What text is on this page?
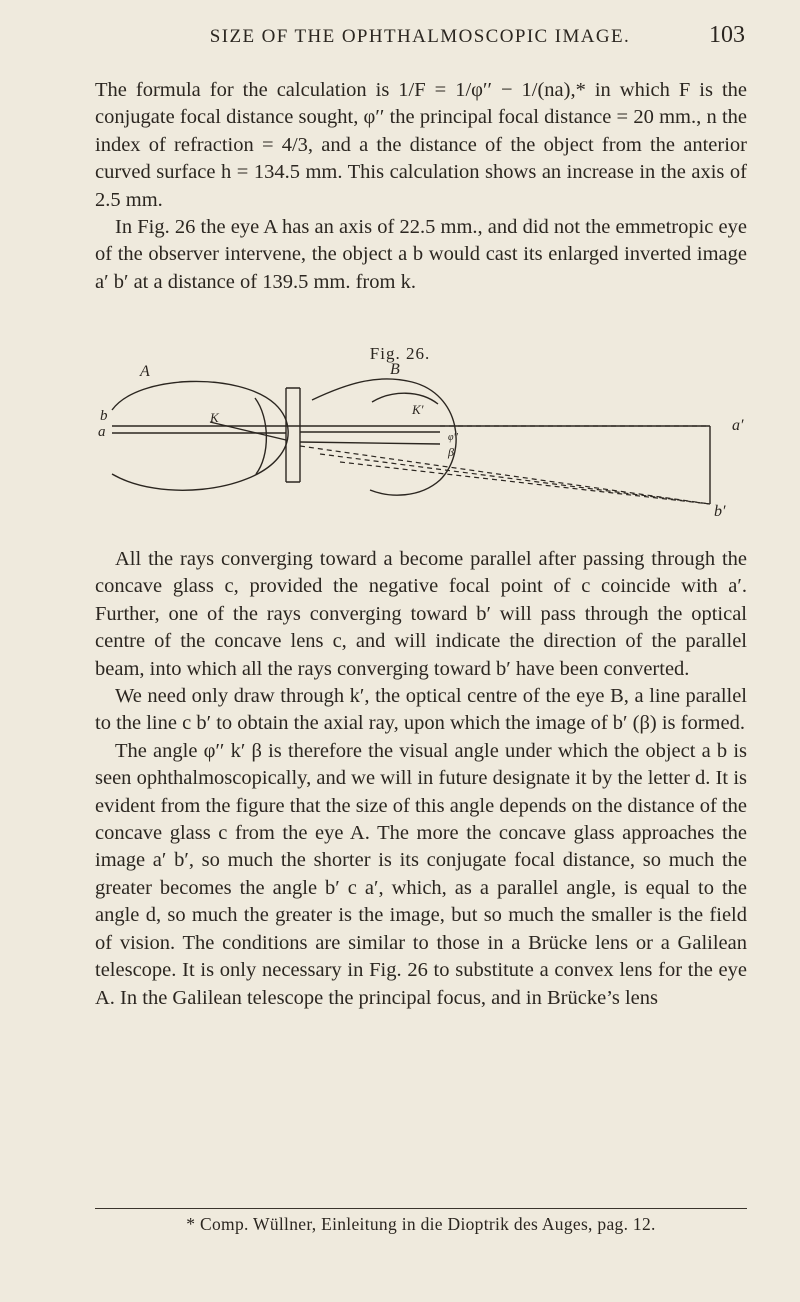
SIZE OF THE OPHTHALMOSCOPIC IMAGE.	103

The formula for the calculation is 1/F = 1/φ′′ − 1/(na),* in which F is the conjugate focal distance sought, φ′′ the principal focal distance = 20 mm., n the index of refraction = 4/3, and a the distance of the object from the anterior curved surface h = 134.5 mm. This calculation shows an increase in the axis of 2.5 mm.

In Fig. 26 the eye A has an axis of 22.5 mm., and did not the emmetropic eye of the observer intervene, the object a b would cast its enlarged inverted image a′ b′ at a distance of 139.5 mm. from k.

Fig. 26.
A	B
K
K′
b
a	a′
b′
β
φ′′

All the rays converging toward a become parallel after passing through the concave glass c, provided the negative focal point of c coincide with a′. Further, one of the rays converging toward b′ will pass through the optical centre of the concave lens c, and will indicate the direction of the parallel beam, into which all the rays converging toward b′ have been converted.

We need only draw through k′, the optical centre of the eye B, a line parallel to the line c b′ to obtain the axial ray, upon which the image of b′ (β) is formed.

The angle φ′′ k′ β is therefore the visual angle under which the object a b is seen ophthalmoscopically, and we will in future designate it by the letter d. It is evident from the figure that the size of this angle depends on the distance of the concave glass c from the eye A. The more the concave glass approaches the image a′ b′, so much the shorter is its conjugate focal distance, so much the greater becomes the angle b′ c a′, which, as a parallel angle, is equal to the angle d, so much the greater is the image, but so much the smaller is the field of vision. The conditions are similar to those in a Brücke lens or a Galilean telescope. It is only necessary in Fig. 26 to substitute a convex lens for the eye A. In the Galilean telescope the principal focus, and in Brücke’s lens

* Comp. Wüllner, Einleitung in die Dioptrik des Auges, pag. 12.
